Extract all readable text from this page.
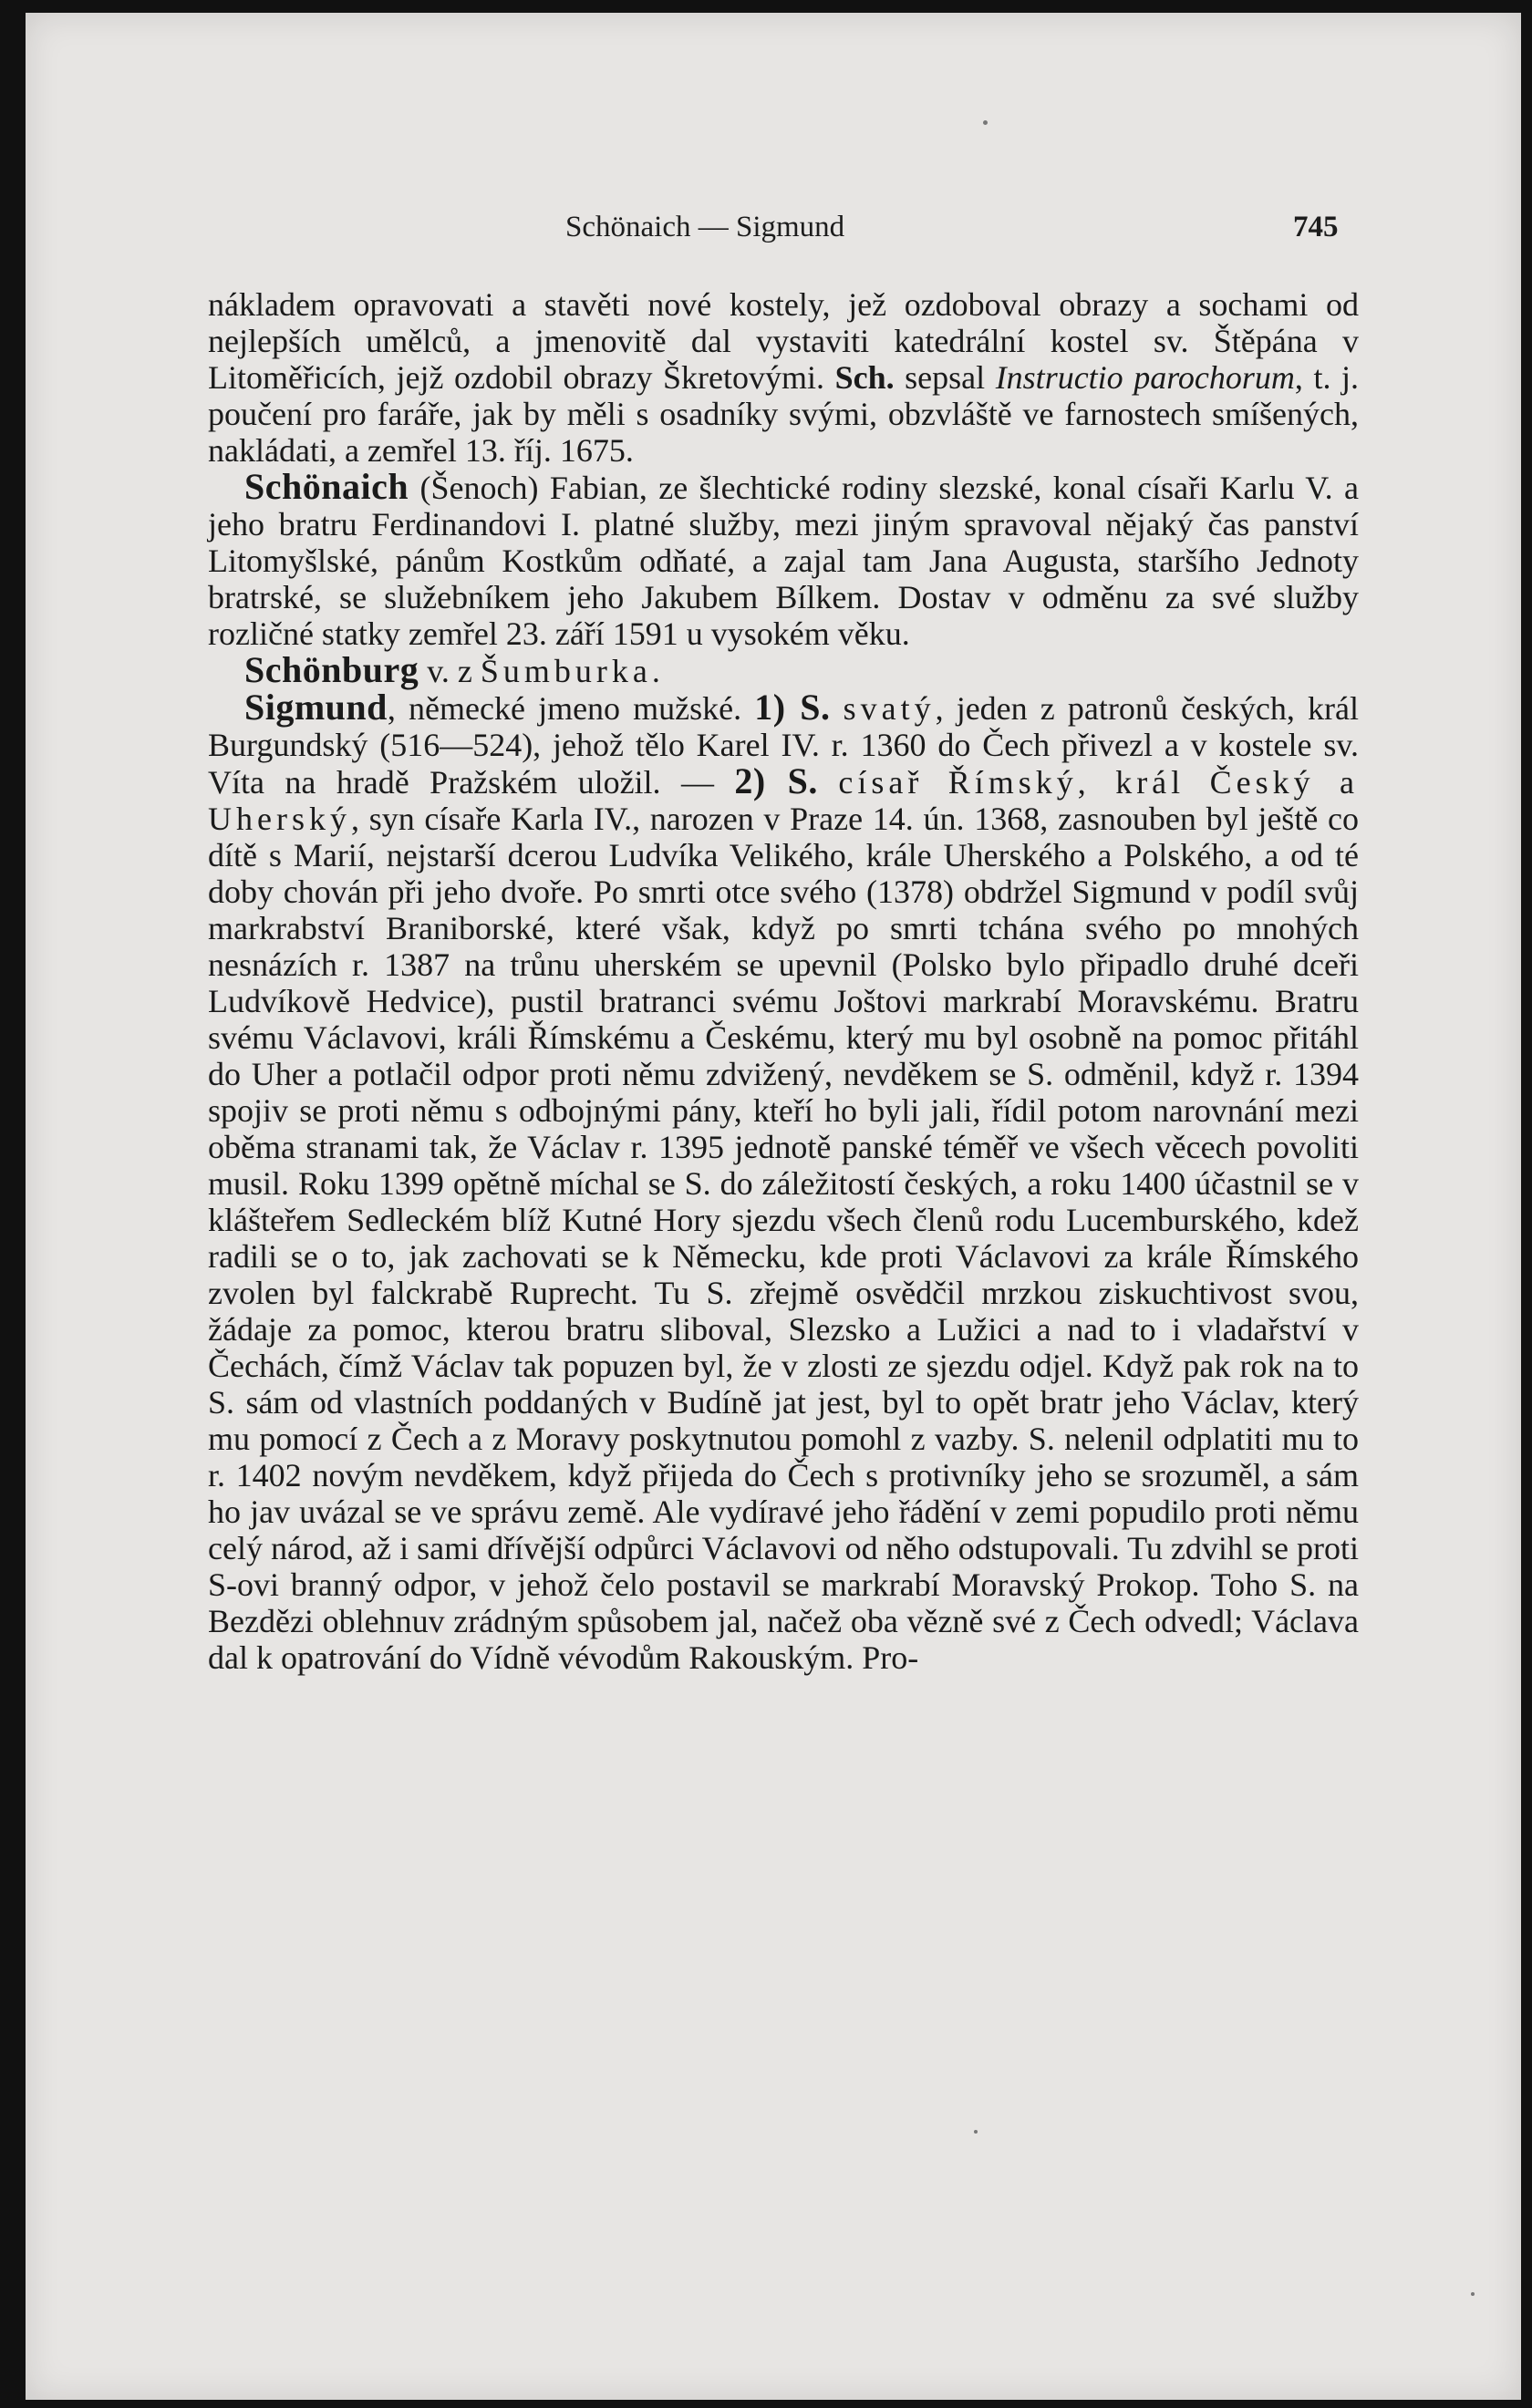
Schönaich — Sigmund	745

nákladem opravovati a stavěti nové kostely, jež ozdoboval obrazy a sochami od nejlepších umělců, a jmenovitě dal vystaviti katedrální kostel sv. Štěpána v Litoměřicích, jejž ozdobil obrazy Škretovými. Sch. sepsal Instructio parochorum, t. j. poučení pro faráře, jak by měli s osadníky svými, obzvláště ve farnostech smíšených, nakládati, a zemřel 13. říj. 1675.

Schönaich (Šenoch) Fabian, ze šlechtické rodiny slezské, konal císaři Karlu V. a jeho bratru Ferdinandovi I. platné služby, mezi jiným spravoval nějaký čas panství Litomyšlské, pánům Kostkům odňaté, a zajal tam Jana Augusta, staršího Jednoty bratrské, se služebníkem jeho Jakubem Bílkem. Dostav v odměnu za své služby rozličné statky zemřel 23. září 1591 u vysokém věku.

Schönburg v. z Šumburka.

Sigmund, německé jmeno mužské. 1) S. svatý, jeden z patronů českých, král Burgundský (516—524), jehož tělo Karel IV. r. 1360 do Čech přivezl a v kostele sv. Víta na hradě Pražském uložil. — 2) S. císař Římský, král Český a Uherský, syn císaře Karla IV., narozen v Praze 14. ún. 1368, zasnouben byl ještě co dítě s Marií, nejstarší dcerou Ludvíka Velikého, krále Uherského a Polského, a od té doby chován při jeho dvoře. Po smrti otce svého (1378) obdržel Sigmund v podíl svůj markrabství Braniborské, které však, když po smrti tchána svého po mnohých nesnázích r. 1387 na trůnu uherském se upevnil (Polsko bylo připadlo druhé dceři Ludvíkově Hedvice), pustil bratranci svému Joštovi markrabí Moravskému. Bratru svému Václavovi, králi Římskému a Českému, který mu byl osobně na pomoc přitáhl do Uher a potlačil odpor proti němu zdvižený, nevděkem se S. odměnil, když r. 1394 spojiv se proti němu s odbojnými pány, kteří ho byli jali, řídil potom narovnání mezi oběma stranami tak, že Václav r. 1395 jednotě panské téměř ve všech věcech povoliti musil. Roku 1399 opětně míchal se S. do záležitostí českých, a roku 1400 účastnil se v klášteřem Sedleckém blíž Kutné Hory sjezdu všech členů rodu Lucemburského, kdež radili se o to, jak zachovati se k Německu, kde proti Václavovi za krále Římského zvolen byl falckrabě Ruprecht. Tu S. zřejmě osvědčil mrzkou ziskuchtivost svou, žádaje za pomoc, kterou bratru sliboval, Slezsko a Lužici a nad to i vladařství v Čechách, čímž Václav tak popuzen byl, že v zlosti ze sjezdu odjel. Když pak rok na to S. sám od vlastních poddaných v Budíně jat jest, byl to opět bratr jeho Václav, který mu pomocí z Čech a z Moravy poskytnutou pomohl z vazby. S. nelenil odplatiti mu to r. 1402 novým nevděkem, když přijeda do Čech s protivníky jeho se srozuměl, a sám ho jav uvázal se ve správu země. Ale vydíravé jeho řádění v zemi popudilo proti němu celý národ, až i sami dřívější odpůrci Václavovi od něho odstupovali. Tu zdvihl se proti S-ovi branný odpor, v jehož čelo postavil se markrabí Moravský Prokop. Toho S. na Bezdězi oblehnuv zrádným spůsobem jal, načež oba vězně své z Čech odvedl; Václava dal k opatrování do Vídně vévodům Rakouským. Pro-
